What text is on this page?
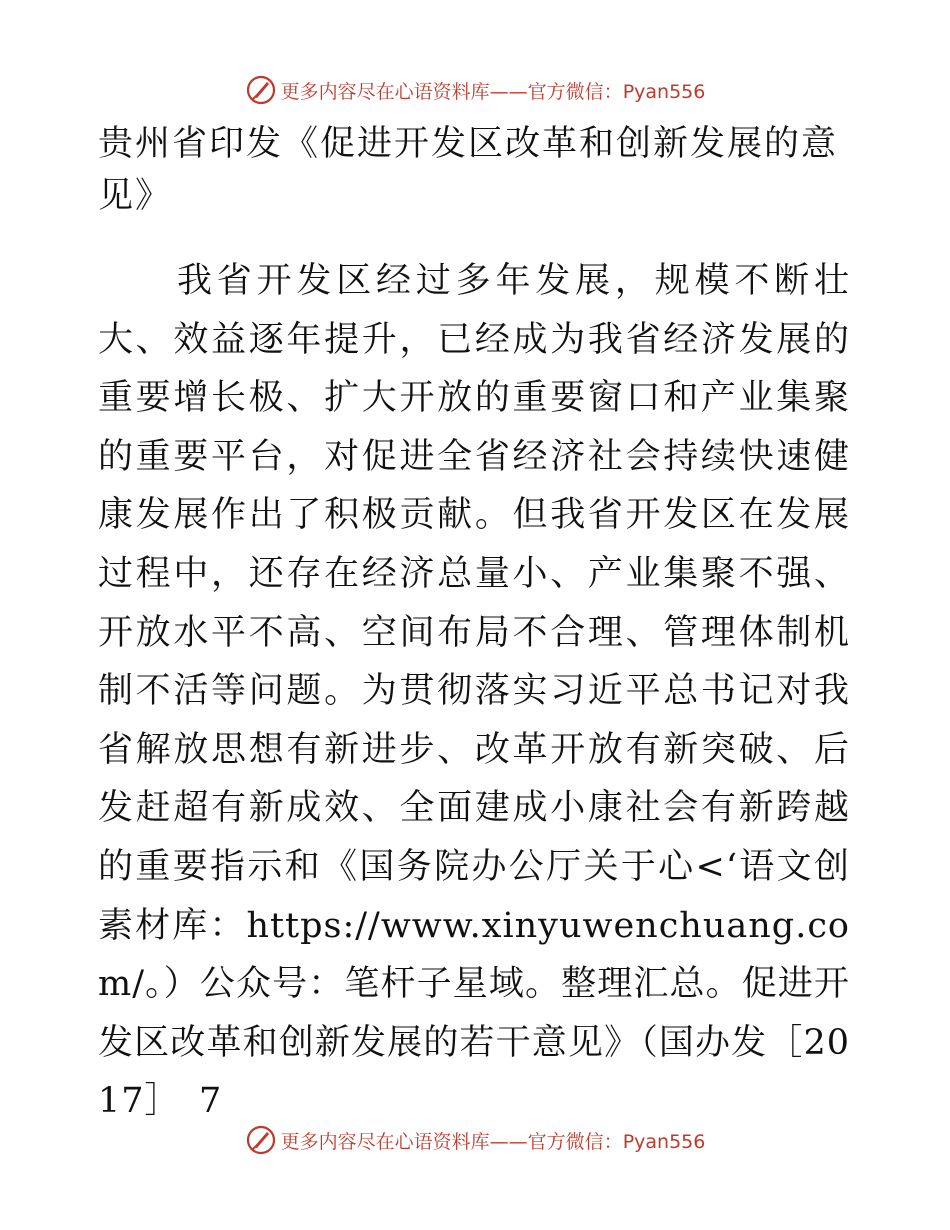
更多内容尽在心语资料库——官方微信：Pyan556
贵州省印发《促进开发区改革和创新发展的意见》

我省开发区经过多年发展，规模不断壮大、效益逐年提升，已经成为我省经济发展的重要增长极、扩大开放的重要窗口和产业集聚的重要平台，对促进全省经济社会持续快速健康发展作出了积极贡献。但我省开发区在发展过程中，还存在经济总量小、产业集聚不强、开放水平不高、空间布局不合理、管理体制机制不活等问题。为贯彻落实习近平总书记对我省解放思想有新进步、改革开放有新突破、后发赶超有新成效、全面建成小康社会有新跨越的重要指示和《国务院办公厅关于心<‘语文创素材库：https://www.xinyuwenchuang.com/。）公众号：笔杆子星域。整理汇总。促进开发区改革和创新发展的若干意见》（国办发［2017］　7

更多内容尽在心语资料库——官方微信：Pyan556
